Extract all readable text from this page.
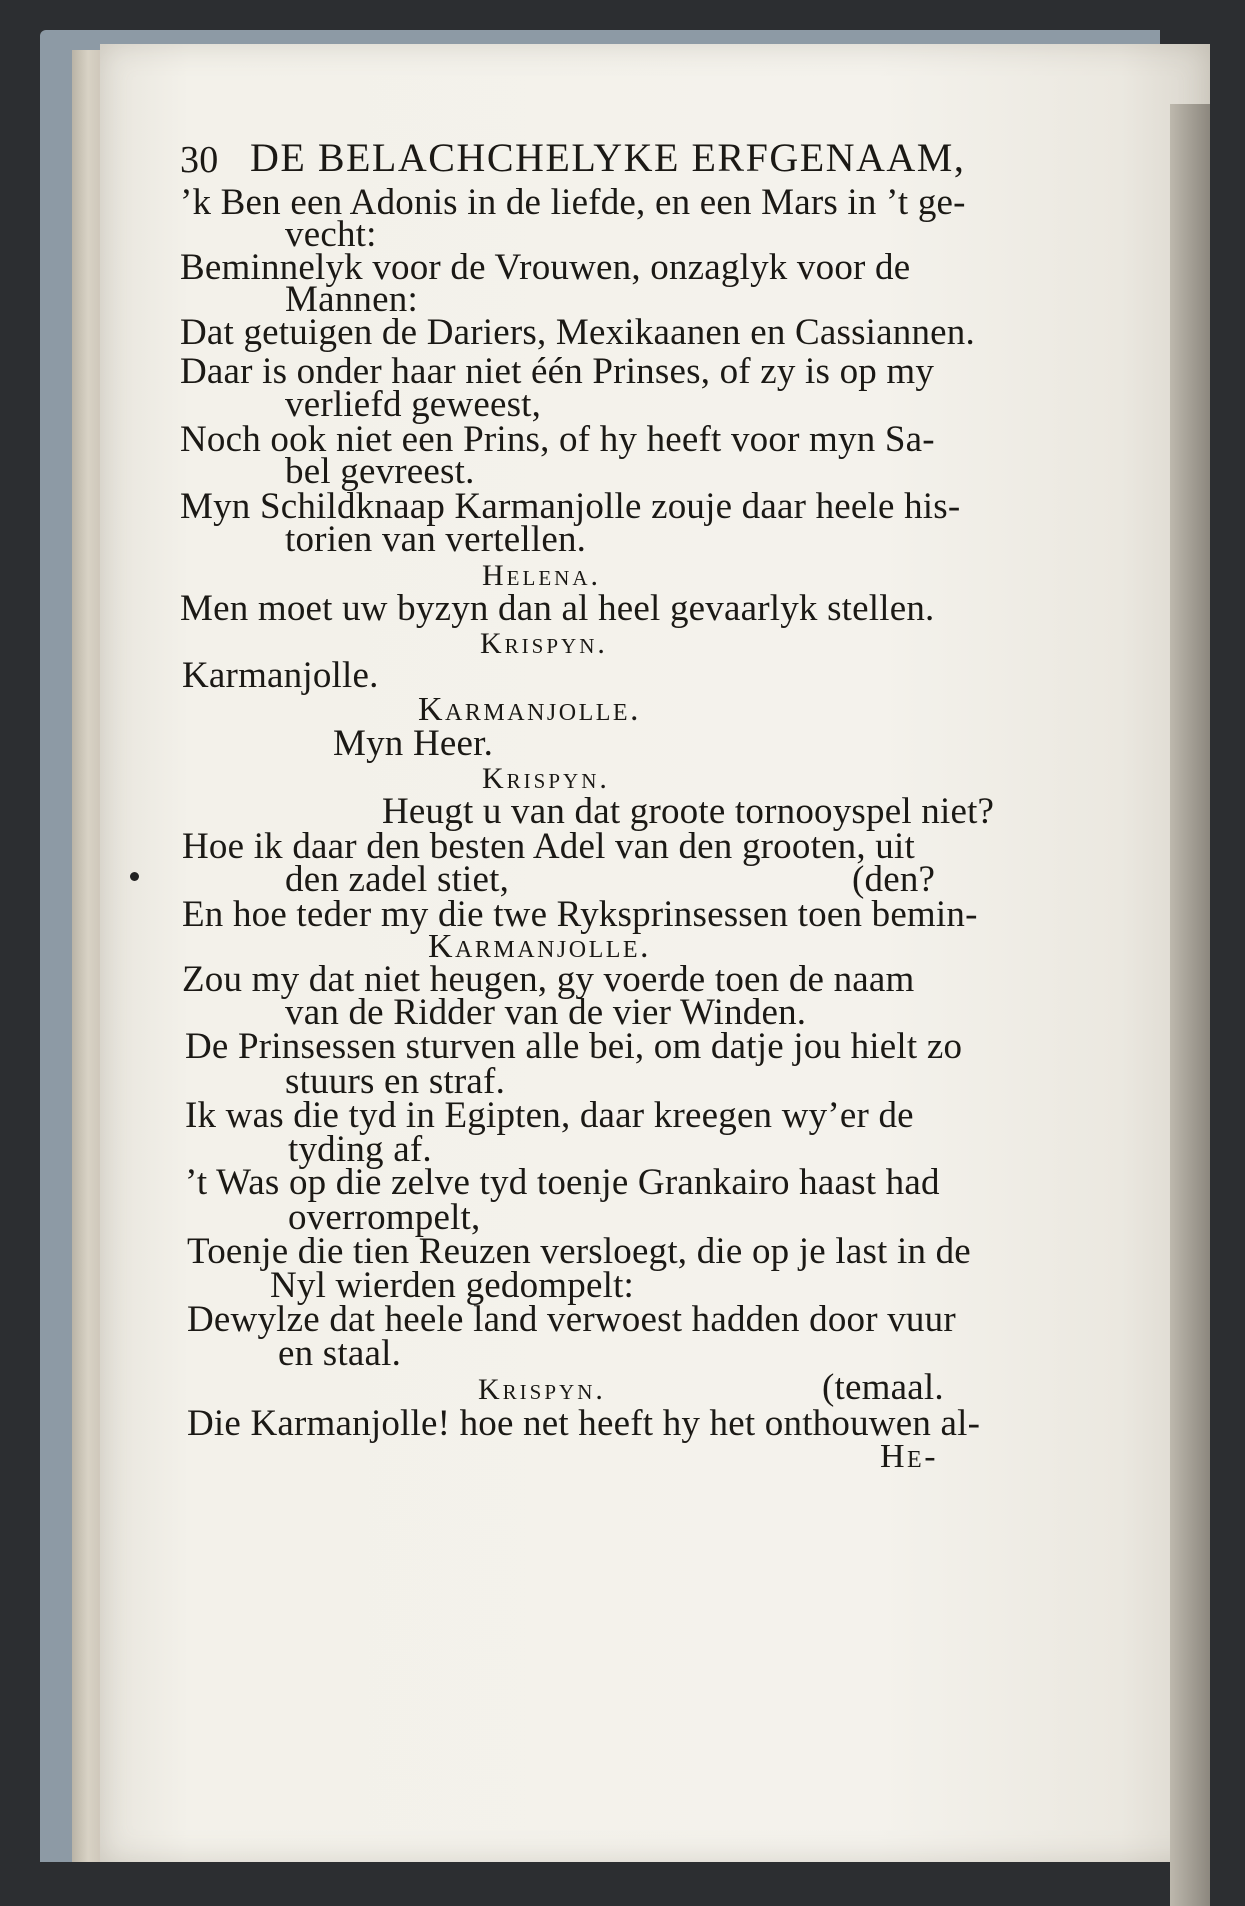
30 DE BELACHCHELYKE ERFGENAAM,
’k Ben een Adonis in de liefde, en een Mars in ’t ge-
vecht:
Beminnelyk voor de Vrouwen, onzaglyk voor de
Mannen:
Dat getuigen de Dariers, Mexikaanen en Cassiannen.
Daar is onder haar niet één Prinses, of zy is op my
verliefd geweest,
Noch ook niet een Prins, of hy heeft voor myn Sa-
bel gevreest.
Myn Schildknaap Karmanjolle zouje daar heele his-
torien van vertellen.
Helena.
Men moet uw byzyn dan al heel gevaarlyk stellen.
Krispyn.
Karmanjolle.
Karmanjolle.
Myn Heer.
Krispyn.
Heugt u van dat groote tornooyspel niet?
Hoe ik daar den besten Adel van den grooten, uit
den zadel stiet,	(den?
En hoe teder my die twe Ryksprinsessen toen bemin-
Karmanjolle.
Zou my dat niet heugen, gy voerde toen de naam
van de Ridder van de vier Winden.
De Prinsessen sturven alle bei, om datje jou hielt zo
stuurs en straf.
Ik was die tyd in Egipten, daar kreegen wy’er de
tyding af.
’t Was op die zelve tyd toenje Grankairo haast had
overrompelt,
Toenje die tien Reuzen versloegt, die op je last in de
Nyl wierden gedompelt:
Dewylze dat heele land verwoest hadden door vuur
en staal.
Krispyn.	(temaal.
Die Karmanjolle! hoe net heeft hy het onthouwen al-
He-
